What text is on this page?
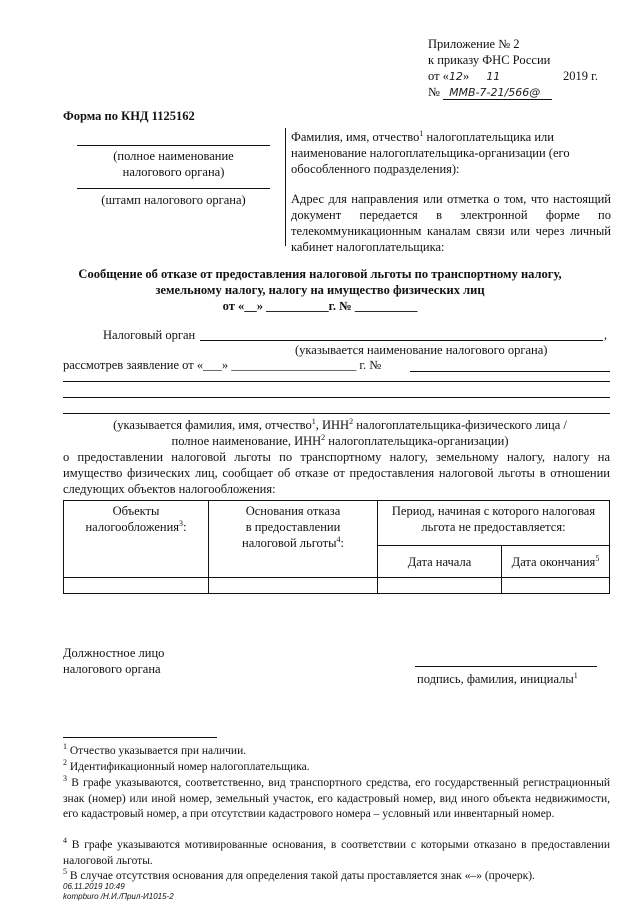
Приложение № 2
к приказу ФНС России
от «12» 11	2019 г.
№ ММВ-7-21/566@
Форма по КНД 1125162
(полное наименование
налогового органа)
(штамп налогового органа)
Фамилия, имя, отчество$^1$ налогоплательщика или наименование налогоплательщика-организации (его обособленного подразделения):
Адрес для направления или отметка о том, что настоящий документ передается в электронной форме по телекоммуникационным каналам связи или через личный кабинет налогоплательщика:
Сообщение об отказе от предоставления налоговой льготы по транспортному налогу,
земельному налогу, налогу на имущество физических лиц
от «__» __________г. № __________
Налоговый орган	,
(указывается наименование налогового органа)
рассмотрев заявление от «___» ____________________ г. №
(указывается фамилия, имя, отчество$^1$, ИНН$^2$ налогоплательщика-физического лица /
полное наименование, ИНН$^2$ налогоплательщика-организации)
о предоставлении налоговой льготы по транспортному налогу, земельному налогу, налогу на имущество физических лиц, сообщает об отказе от предоставления налоговой льготы в отношении следующих объектов налогообложения:
Объекты
налогообложения$^3$:	Основания отказа
в предоставлении
налоговой льготы$^4$:	Период, начиная с которого налоговая льгота не предоставляется:	
		Дата начала	Дата окончания$^5$

Должностное лицо
налогового органа
подпись, фамилия, инициалы$^1$
$^1$ Отчество указывается при наличии.
$^2$ Идентификационный номер налогоплательщика.
$^3$ В графе указываются, соответственно, вид транспортного средства, его государственный регистрационный знак (номер) или иной номер, земельный участок, его кадастровый номер, вид иного объекта недвижимости, его кадастровый номер, а при отсутствии кадастрового номера – условный или инвентарный номер.
$^4$ В графе указываются мотивированные основания, в соответствии с которыми отказано в предоставлении налоговой льготы.
$^5$ В случае отсутствия основания для определения такой даты проставляется знак «–» (прочерк).
06.11.2019 10:49
kompburo /Н.И./Прил-И1015-2
